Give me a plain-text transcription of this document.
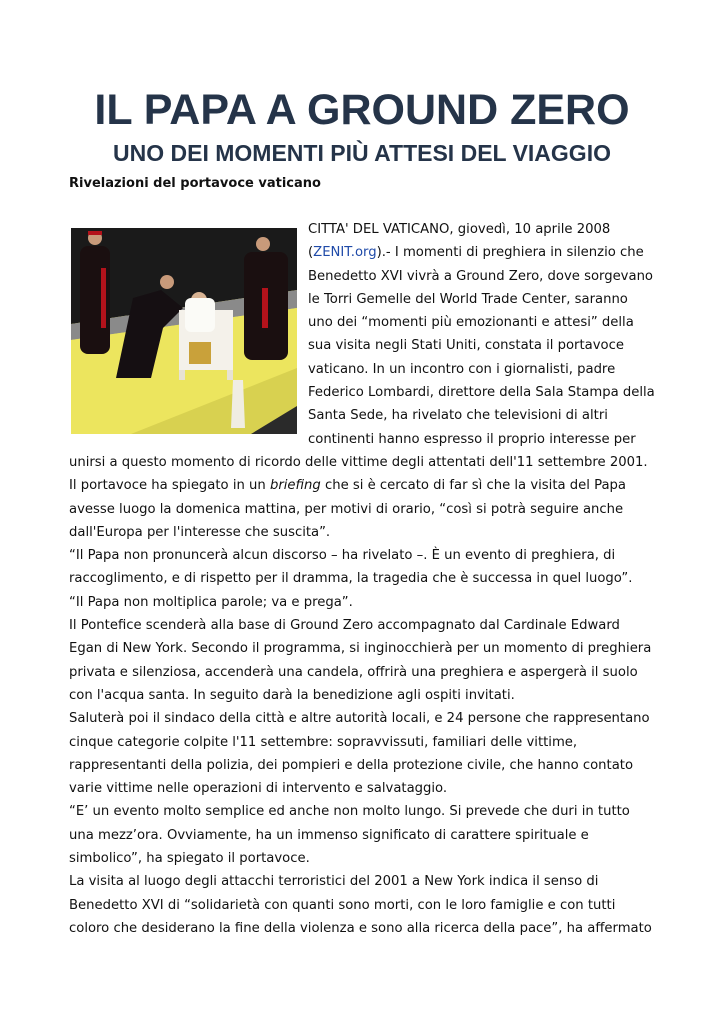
IL PAPA A GROUND ZERO
UNO DEI MOMENTI PIÙ ATTESI DEL VIAGGIO
Rivelazioni del portavoce vaticano

CITTA' DEL VATICANO, giovedì, 10 aprile 2008 (ZENIT.org).- I momenti di preghiera in silenzio che Benedetto XVI vivrà a Ground Zero, dove sorgevano le Torri Gemelle del World Trade Center, saranno uno dei “momenti più emozionanti e attesi” della sua visita negli Stati Uniti, constata il portavoce vaticano. In un incontro con i giornalisti, padre Federico Lombardi, direttore della Sala Stampa della Santa Sede, ha rivelato che televisioni di altri continenti hanno espresso il proprio interesse per unirsi a questo momento di ricordo delle vittime degli attentati dell'11 settembre 2001.

Il portavoce ha spiegato in un briefing che si è cercato di far sì che la visita del Papa avesse luogo la domenica mattina, per motivi di orario, “così si potrà seguire anche dall'Europa per l'interesse che suscita”.

“Il Papa non pronuncerà alcun discorso – ha rivelato –. È un evento di preghiera, di raccoglimento, e di rispetto per il dramma, la tragedia che è successa in quel luogo”.

“Il Papa non moltiplica parole; va e prega”.

Il Pontefice scenderà alla base di Ground Zero accompagnato dal Cardinale Edward Egan di New York. Secondo il programma, si inginocchierà per un momento di preghiera privata e silenziosa, accenderà una candela, offrirà una preghiera e aspergerà il suolo con l'acqua santa. In seguito darà la benedizione agli ospiti invitati.

Saluterà poi il sindaco della città e altre autorità locali, e 24 persone che rappresentano cinque categorie colpite l'11 settembre: sopravvissuti, familiari delle vittime, rappresentanti della polizia, dei pompieri e della protezione civile, che hanno contato varie vittime nelle operazioni di intervento e salvataggio.

“E’ un evento molto semplice ed anche non molto lungo. Si prevede che duri in tutto una mezz’ora. Ovviamente, ha un immenso significato di carattere spirituale e simbolico”, ha spiegato il portavoce.

La visita al luogo degli attacchi terroristici del 2001 a New York indica il senso di Benedetto XVI di “solidarietà con quanti sono morti, con le loro famiglie e con tutti coloro che desiderano la fine della violenza e sono alla ricerca della pace”, ha affermato
